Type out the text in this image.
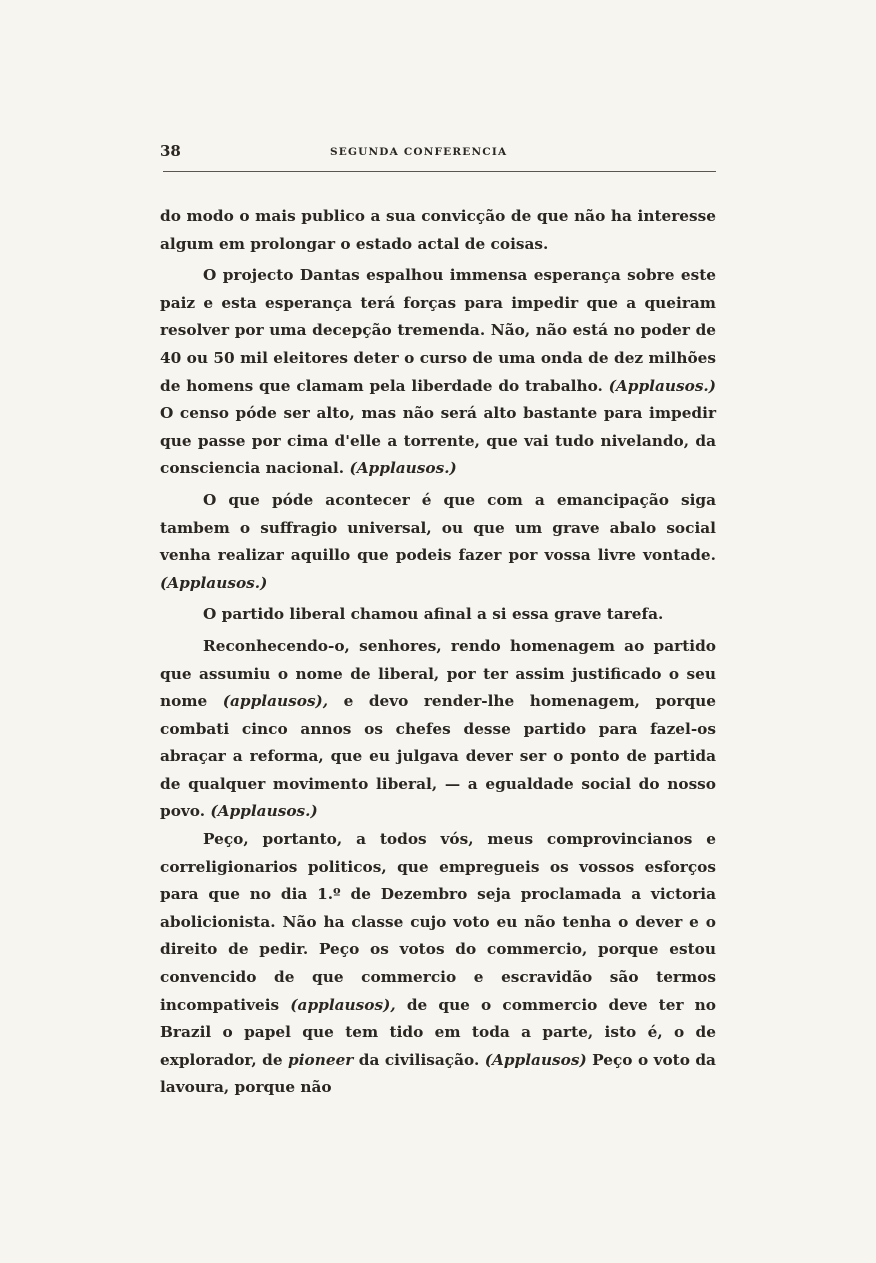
38	SEGUNDA CONFERENCIA

do modo o mais publico a sua convicção de que não ha interesse algum em prolongar o estado actal de coisas.

O projecto Dantas espalhou immensa esperança sobre este paiz e esta esperança terá forças para impedir que a queiram resolver por uma decepção tremenda. Não, não está no poder de 40 ou 50 mil eleitores deter o curso de uma onda de dez milhões de homens que clamam pela liberdade do trabalho. (Applausos.) O censo póde ser alto, mas não será alto bastante para impedir que passe por cima d'elle a torrente, que vai tudo nivelando, da consciencia nacional. (Applausos.)

O que póde acontecer é que com a emancipação siga tambem o suffragio universal, ou que um grave abalo social venha realizar aquillo que podeis fazer por vossa livre vontade. (Applausos.)

O partido liberal chamou afinal a si essa grave tarefa.

Reconhecendo-o, senhores, rendo homenagem ao partido que assumiu o nome de liberal, por ter assim justificado o seu nome (applausos), e devo render-lhe homenagem, porque combati cinco annos os chefes desse partido para fazel-os abraçar a reforma, que eu julgava dever ser o ponto de partida de qualquer movimento liberal, — a egualdade social do nosso povo. (Applausos.)

Peço, portanto, a todos vós, meus comprovincianos e correligionarios politicos, que empregueis os vossos esforços para que no dia 1.º de Dezembro seja proclamada a victoria abolicionista. Não ha classe cujo voto eu não tenha o dever e o direito de pedir. Peço os votos do commercio, porque estou convencido de que commercio e escravidão são termos incompativeis (applausos), de que o commercio deve ter no Brazil o papel que tem tido em toda a parte, isto é, o de explorador, de pioneer da civilisação. (Applausos) Peço o voto da lavoura, porque não
